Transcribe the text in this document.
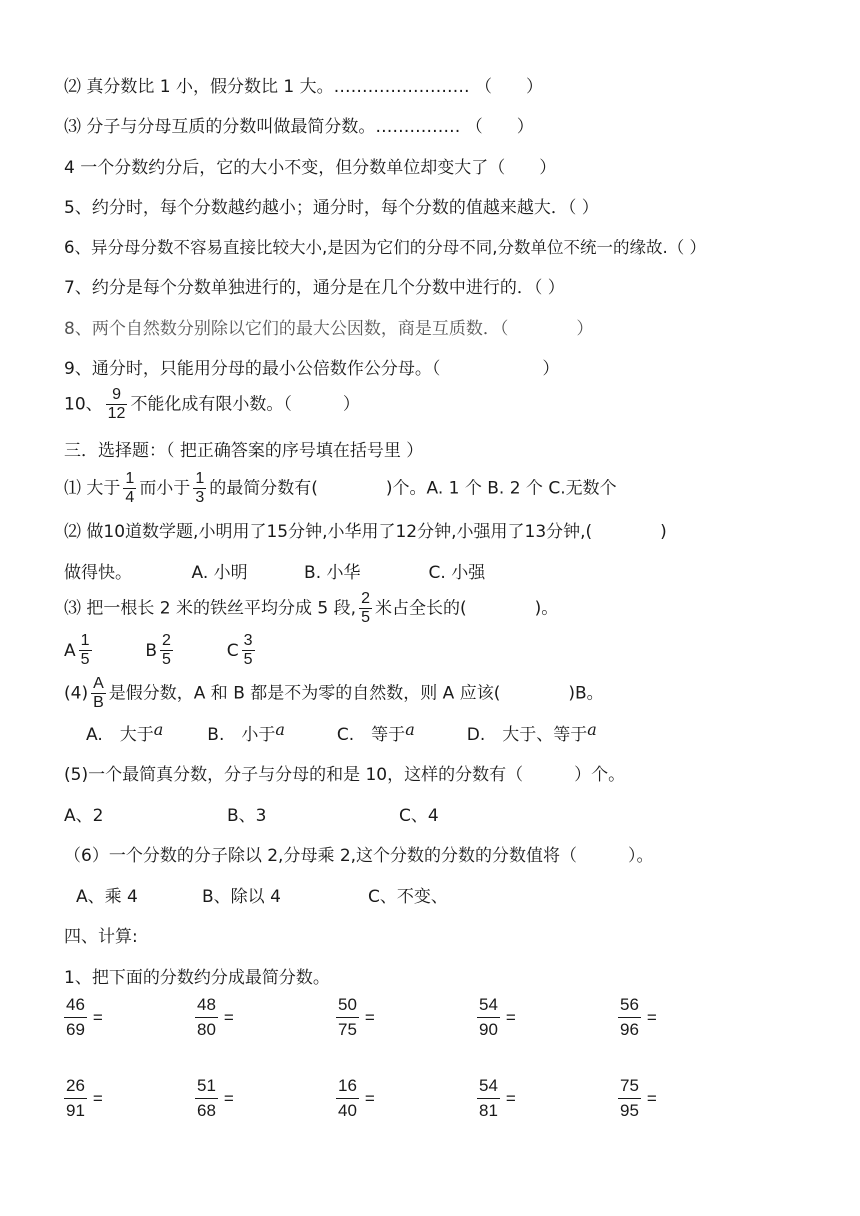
⑵ 真分数比 1 小，假分数比 1 大。…………………… （　　）
⑶ 分子与分母互质的分数叫做最简分数。…………… （　　）
4 一个分数约分后，它的大小不变，但分数单位却变大了（　　）
5、约分时，每个分数越约越小；通分时，每个分数的值越来越大．（ ）
6、异分母分数不容易直接比较大小,是因为它们的分母不同,分数单位不统一的缘故.（ ）
7、约分是每个分数单独进行的，通分是在几个分数中进行的．（ ）
8、两个自然数分别除以它们的最大公因数，商是互质数．（　　　　）
9、通分时，只能用分母的最小公倍数作公分母。（　　　　　　）
10、 $\frac{9}{12}$ 不能化成有限小数。（　　　）
三．选择题：（ 把正确答案的序号填在括号里 ）
⑴ 大于 $\frac{1}{4}$ 而小于 $\frac{1}{3}$ 的最简分数有(　　　　)个。A. 1 个 B. 2 个 C.无数个
⑵ 做10道数学题,小明用了15分钟,小华用了12分钟,小强用了13分钟,(　　　　)
做得快。　　　　A. 小明　　　 B. 小华　　　　C. 小强
⑶ 把一根长 2 米的铁丝平均分成 5 段, $\frac{2}{5}$ 米占全长的(　　　　)。
A $\frac{1}{5}$	B $\frac{2}{5}$	C $\frac{3}{5}$
$(4) \frac{A}{B}$ 是假分数，A 和 B 都是不为零的自然数，则 A 应该(　　　　)B。
A.　大于a	B.　小于a	C.　等于a	D.　大于、等于a
(5)一个最简真分数，分子与分母的和是 10，这样的分数有（　　　）个。
A、2	B、3	C、4
（6）一个分数的分子除以 2,分母乘 2,这个分数的分数的分数值将（　　　）。
A、乘 4	B、除以 4	C、不变、
四、计算:
1、把下面的分数约分成最简分数。
$\frac{46}{69}$ =	$\frac{48}{80}$ =	$\frac{50}{75}$ =	$\frac{54}{90}$ =	$\frac{56}{96}$ =
$\frac{26}{91}$ =	$\frac{51}{68}$ =	$\frac{16}{40}$ =	$\frac{54}{81}$ =	$\frac{75}{95}$ =
